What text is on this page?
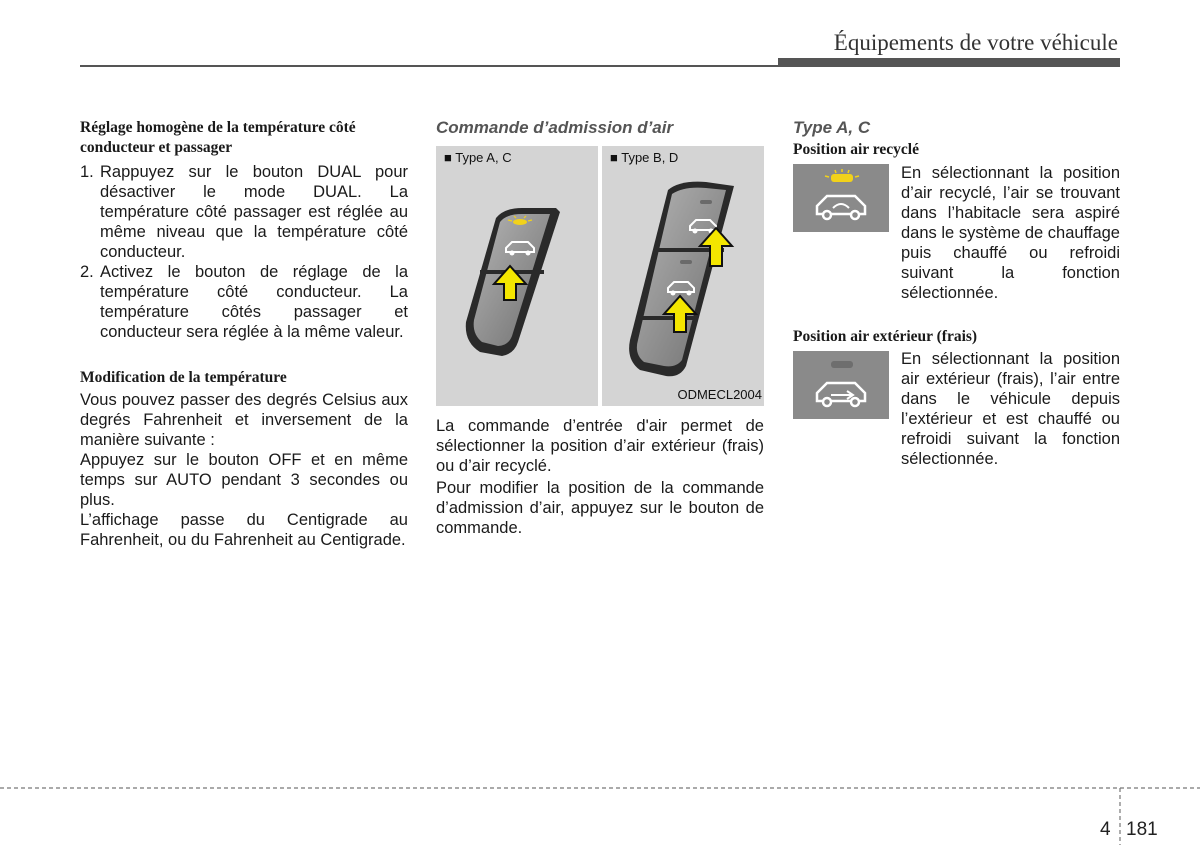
Équipements de votre véhicule

Réglage homogène de la température côté conducteur et passager

1. Rappuyez sur le bouton DUAL pour désactiver le mode DUAL. La température côté passager est réglée au même niveau que la température côté conducteur.
2. Activez le bouton de réglage de la température côté conducteur. La température côtés passager et conducteur sera réglée à la même valeur.

Modification de la température

Vous pouvez passer des degrés Celsius aux degrés Fahrenheit et inversement de la manière suivante :

Appuyez sur le bouton OFF et en même temps sur AUTO pendant 3 secondes ou plus.

L’affichage passe du Centigrade au Fahrenheit, ou du Fahrenheit au Centigrade.

Commande d’admission d’air

■ Type A, C	■ Type B, D
ODMECL2004

La commande d’entrée d'air permet de sélectionner la position d’air extérieur (frais) ou d’air recyclé.

Pour modifier la position de la commande d’admission d’air, appuyez sur le bouton de commande.

Type A, C

Position air recyclé

En sélectionnant la position d’air recyclé, l’air se trouvant dans l’habitacle sera aspiré dans le système de chauffage puis chauffé ou refroidi suivant la fonction sélectionnée.

Position air extérieur (frais)

En sélectionnant la position air extérieur (frais), l’air entre dans le véhicule depuis l’extérieur et est chauffé ou refroidi suivant la fonction sélectionnée.

4 181
